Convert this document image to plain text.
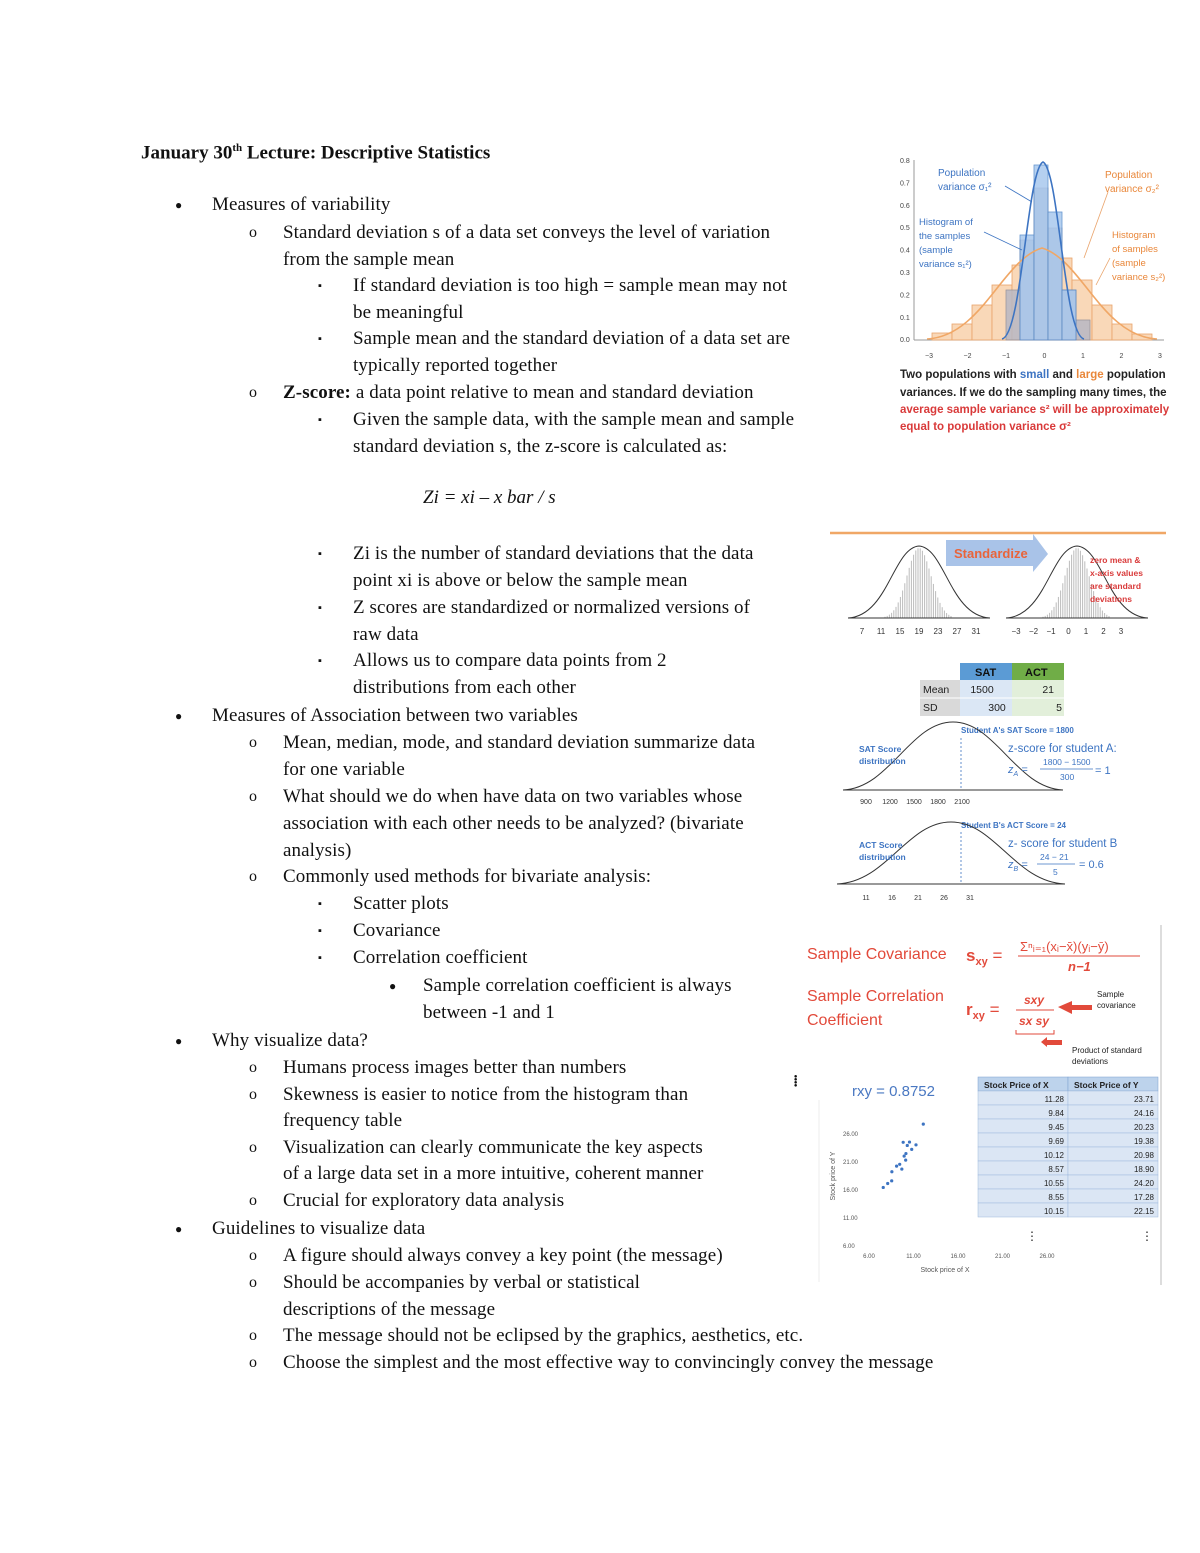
January 30th Lecture: Descriptive Statistics
● Measures of variability
o Standard deviation s of a data set conveys the level of variation
from the sample mean
▪ If standard deviation is too high = sample mean may not
be meaningful
▪ Sample mean and the standard deviation of a data set are
typically reported together
o Z-score: a data point relative to mean and standard deviation
▪ Given the sample data, with the sample mean and sample
standard deviation s, the z-score is calculated as:
▪ Zi is the number of standard deviations that the data
point xi is above or below the sample mean
▪ Z scores are standardized or normalized versions of
raw data
▪ Allows us to compare data points from 2
distributions from each other
● Measures of Association between two variables
o Mean, median, mode, and standard deviation summarize data
for one variable
o What should we do when have data on two variables whose
association with each other needs to be analyzed? (bivariate
analysis)
o Commonly used methods for bivariate analysis:
▪ Scatter plots
▪ Covariance
▪ Correlation coefficient
● Sample correlation coefficient is always
between -1 and 1
● Why visualize data?
o Humans process images better than numbers
o Skewness is easier to notice from the histogram than
frequency table
o Visualization can clearly communicate the key aspects
of a large data set in a more intuitive, coherent manner
o Crucial for exploratory data analysis
● Guidelines to visualize data
o A figure should always convey a key point (the message)
o Should be accompanies by verbal or statistical
descriptions of the message
o The message should not be eclipsed by the graphics, aesthetics, etc.
o Choose the simplest and the most effective way to convincingly convey the message
Zi = xi – x bar / s
0.8
0.7
0.6
0.5
0.4
0.3
0.2
0.1
0.0
−3	−2	−1	0	1	2	3
Population variance σ₁²
Population variance σ₂²
Histogram of the samples (sample variance s₁²)
Histogram of samples (sample variance s₂²)
Two populations with small and large population
variances. If we do the sampling many times, the
average sample variance s² will be approximately
equal to population variance σ²
Standardize	zero mean & x-axis values are standard deviations
7 11 15 19 23 27 31	−3 −2 −1 0 1 2 3
SAT	ACT
Mean 1500	21
SD	300	5
Student A's SAT Score = 1800
SAT Score distribution
z-score for student A:
$z_A$ =
1800 − 1500
300 = 1
900 1200 1500 1800 2100
Student B's ACT Score = 24
ACT Score distribution
z- score for student B
$z_B$ =
24 − 21
5
= 0.6
11	16	21	26	31
Sample Covariance $s_{xy}$ = Σⁿᵢ₌₁(xᵢ−x̄)(yᵢ−ȳ)
n−1
Sample Correlation Coefficient
$r_{xy}$ = sxy
sx sy
Sample covariance
Product of standard deviations
rxy = 0.8752	Stock Price of X	Stock Price of Y
11.28	23.71
9.84	24.16
9.45	20.23
9.69	19.38
10.12	20.98
8.57	18.90
10.55	24.20
8.55	17.28
10.15	22.15
⋮	⋮
26.00
21.00
16.00
11.00
6.00
6.00	11.00	16.00	21.00	26.00
Stock price of X
Stock price of Y
⁞
